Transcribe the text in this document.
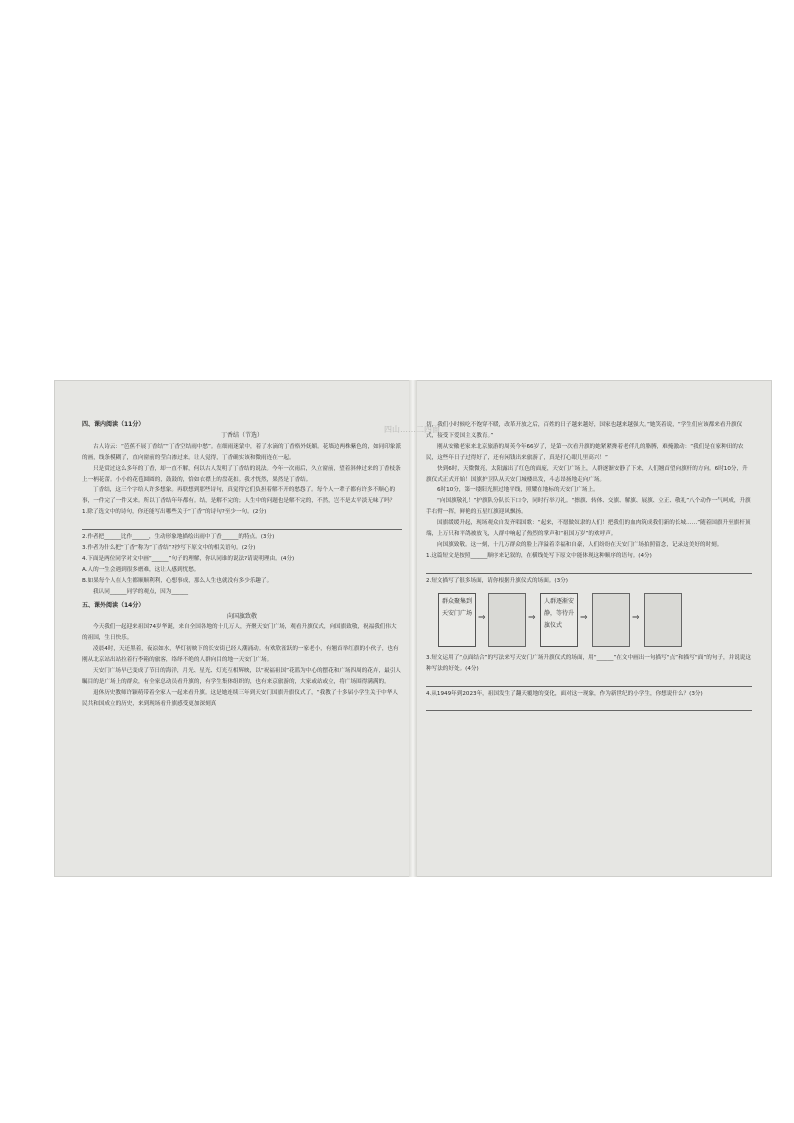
四山……二四面

四、课内阅读（11分）

丁香结（节选）

古人诗云：“芭蕉不展丁香结”“丁香空结雨中愁”。在细雨迷蒙中，着了水滴的丁香格外妩媚。花墙边两株紫色的，如同印象派的画，线条模糊了，直向窗前的莹白渗过来。让人觉得，丁香确实该和微雨连在一起。

只是赏过这么多年的丁香，却一直不解，何以古人发明了丁香结的说法。今年一次雨后，久立窗前，望着斜伸过来的丁香枝条上一柄花蕾。小小的花苞圆圆的，鼓鼓的，恰如衣襟上的盘花扣。我才恍然，果然是丁香结。

丁香结，这三个字给人许多想象。再联想到那些诗句，真觉得它们负担着解不开的愁怨了。每个人一辈子都有许多不顺心的事，一件完了一件又来。所以丁香结年年都有。结，是解不完的；人生中的问题也是解不完的，不然，岂不是太平淡无味了吗？

1.除了选文中的诗句，你还能写出哪些关于“丁香”的诗句?至少一句。(2分)

2.作者把______比作______，生动形象地描绘出雨中丁香______的特点。(3分)

3.作者为什么把“丁香”称为“丁香结”?抄写下原文中的相关语句。(2分)

4.下面是两位同学对文中画“______”句子的理解，你认同谁的说法?请说明理由。(4分)

A.人的一生会遇到很多磨难，这让人感到忧愁。

B.如果每个人在人生都顺顺利利，心想事成，那么人生也就没有多少乐趣了。

我认同______同学的观点，因为______

五、课外阅读（14分）

向国旗致敬

今天我们一起迎来祖国74岁华诞，来自全国各地的十几万人，齐聚天安门广场，观看升旗仪式，向国旗致敬，祝福我们伟大的祖国，生日快乐。

凌晨4时，天还黑着，夜凉如水，华灯初映下的长安街已经人潮涌动。有欢欣雀跃的一家老小，有翘首举红旗的小伙子，也有刚从北京站出站拉着行李箱的旅客，络绎不绝的人群向目的地一天安门广场。

天安门广场早已变成了节日的海洋，月光、星光、灯光互相辉映，以“祝福祖国”花篮为中心的摆花和广场四周的花卉，最引人瞩目的是广场上的群众，有全家总动员看升旗的，有学生集体组织的，也有来京旅游的，大家或站或立，将广场围得满满的。

退休历史教师许颖萌带着全家人一起来看升旗。这是她连续三年到天安门国旗升旗仪式了，“我教了十多届小学生关于中华人民共和国成立的历史，来到现场看升旗感受更加深刻真

切，我们小时候吃不饱穿不暖，改革开放之后，百姓的日子越来越好，国家也越来越强大。”她笑着说，“学生们应该都来看升旗仪式，接受下爱国主义教育。”

刚从安徽老家来北京旅游的周英今年66岁了，是第一次看升旗的她紧紧搀着老伴儿的胳膊，难掩激动：“我们是在家种田的农民，这些年日子过得好了，还有闲钱出来旅游了，真是打心眼儿里高兴！”

快到6时，天微微亮，太阳露出了红色的面庞，天安门广场上，人群逐渐安静了下来，人们翘首望向旗杆的方向。6时10分，升旗仪式正式开始！国旗护卫队从天安门城楼出发，斗志昂扬地走向广场。

6时10分，第一缕阳光照过地平线，照耀在地标的天安门广场上。

“向国旗敬礼！”护旗队分队长下口令，同时行举刀礼。“擦旗、转体、交旗、解旗、展旗、立正、敬礼”八个动作一气呵成，升旗手右臂一挥，鲜艳的五星红旗迎风飘扬。

国旗缓缓升起，现场观众自发齐唱国歌：“起来，不愿做奴隶的人们！把我们的血肉筑成我们新的长城……”随着国旗升至旗杆顶端，上万只和平鸽被放飞，人群中响起了热烈的掌声和“祖国万岁”的欢呼声。

向国旗致敬。这一刻，十几万群众的脸上洋溢着幸福和自豪，人们纷纷在天安门广场拍照留念，记录这美好的时刻。

1.这篇短文是按照______顺序来记叙的，在横线处写下原文中能体现这种顺序的语句。(4分)

2.短文描写了很多场面，请你根据升旗仪式的场面。(3分)

群众聚集到天安门广场 ⇒	⇒
人群逐渐安静，等待升旗仪式
⇒	⇒

3.短文运用了“点面结合”的写法来写天安门广场升旗仪式的场面，用“______”在文中画出一句描写“点”和描写“面”的句子，并说说这种写法的好处。(4分)

4.从1949年到2023年，祖国发生了翻天覆地的变化，面对这一现象，作为新世纪的小学生，你想说什么？(3分)
